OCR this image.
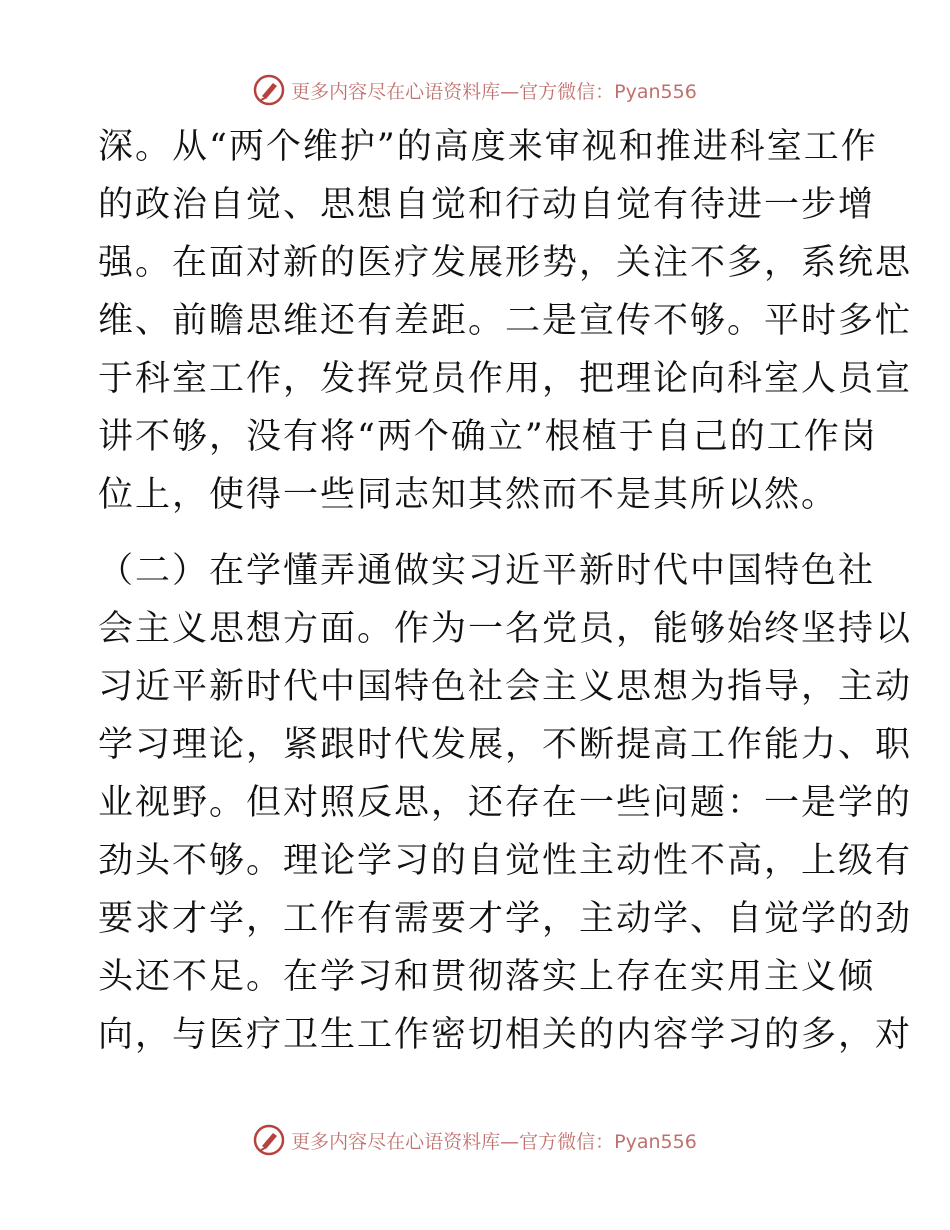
更多内容尽在心语资料库—官方微信：Pyan556
深。从“两个维护”的高度来审视和推进科室工作
的政治自觉、思想自觉和行动自觉有待进一步增
强。在面对新的医疗发展形势，关注不多，系统思
维、前瞻思维还有差距。二是宣传不够。平时多忙
于科室工作，发挥党员作用，把理论向科室人员宣
讲不够，没有将“两个确立”根植于自己的工作岗
位上，使得一些同志知其然而不是其所以然。
（二）在学懂弄通做实习近平新时代中国特色社
会主义思想方面。作为一名党员，能够始终坚持以
习近平新时代中国特色社会主义思想为指导，主动
学习理论，紧跟时代发展，不断提高工作能力、职
业视野。但对照反思，还存在一些问题：一是学的
劲头不够。理论学习的自觉性主动性不高，上级有
要求才学，工作有需要才学，主动学、自觉学的劲
头还不足。在学习和贯彻落实上存在实用主义倾
向，与医疗卫生工作密切相关的内容学习的多，对
更多内容尽在心语资料库—官方微信：Pyan556
